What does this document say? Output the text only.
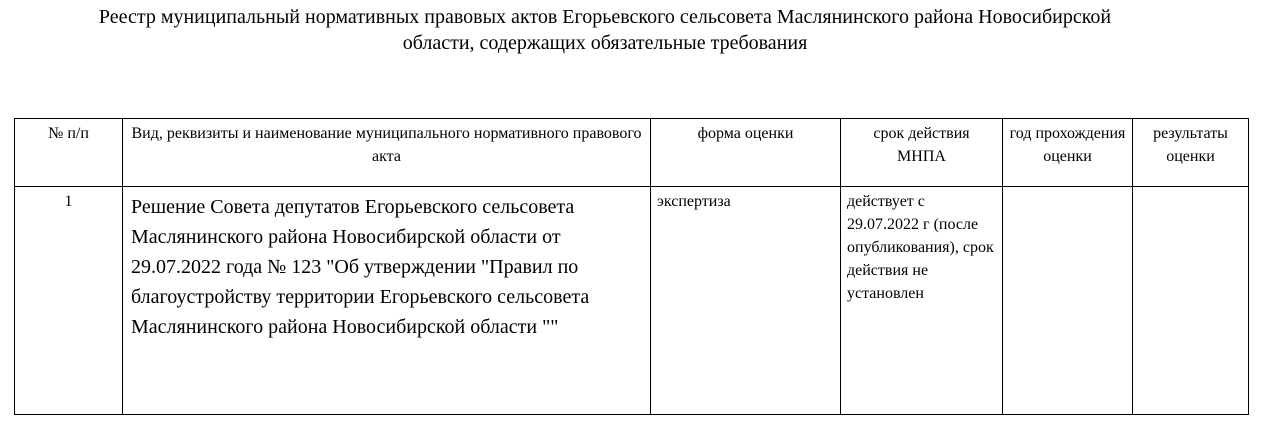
Реестр муниципальный нормативных правовых актов Егорьевского сельсовета Маслянинского района Новосибирской
области, содержащих обязательные требования
№ п/п	Вид, реквизиты и наименование муниципального нормативного правового акта	форма оценки	срок действия МНПА	год прохождения оценки	результаты оценки
1	Решение Совета депутатов Егорьевского сельсовета Маслянинского района Новосибирской области от 29.07.2022 года № 123 "Об утверждении "Правил по благоустройству территории Егорьевского сельсовета Маслянинского района Новосибирской области ""	экспертиза	действует с 29.07.2022 г (после опубликования), срок действия не установлен		
